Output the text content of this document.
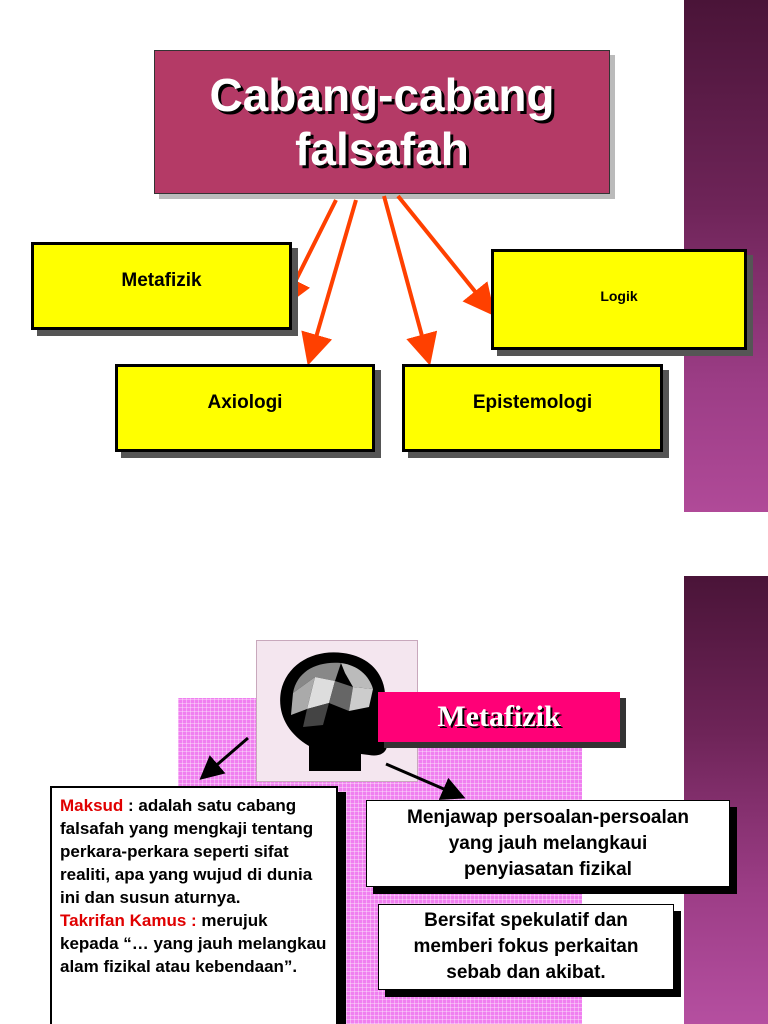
Cabang-cabang
falsafah
Metafizik
Logik
Axiologi	Epistemologi
Metafizik
Maksud : adalah satu cabang falsafah yang mengkaji tentang perkara-perkara seperti sifat realiti, apa yang wujud di dunia ini dan susun aturnya.
Takrifan Kamus : merujuk kepada “… yang jauh melangkau alam fizikal atau kebendaan”.
Menjawap persoalan-persoalan
yang jauh melangkaui
penyiasatan fizikal
Bersifat spekulatif dan
memberi fokus perkaitan
sebab dan akibat.
